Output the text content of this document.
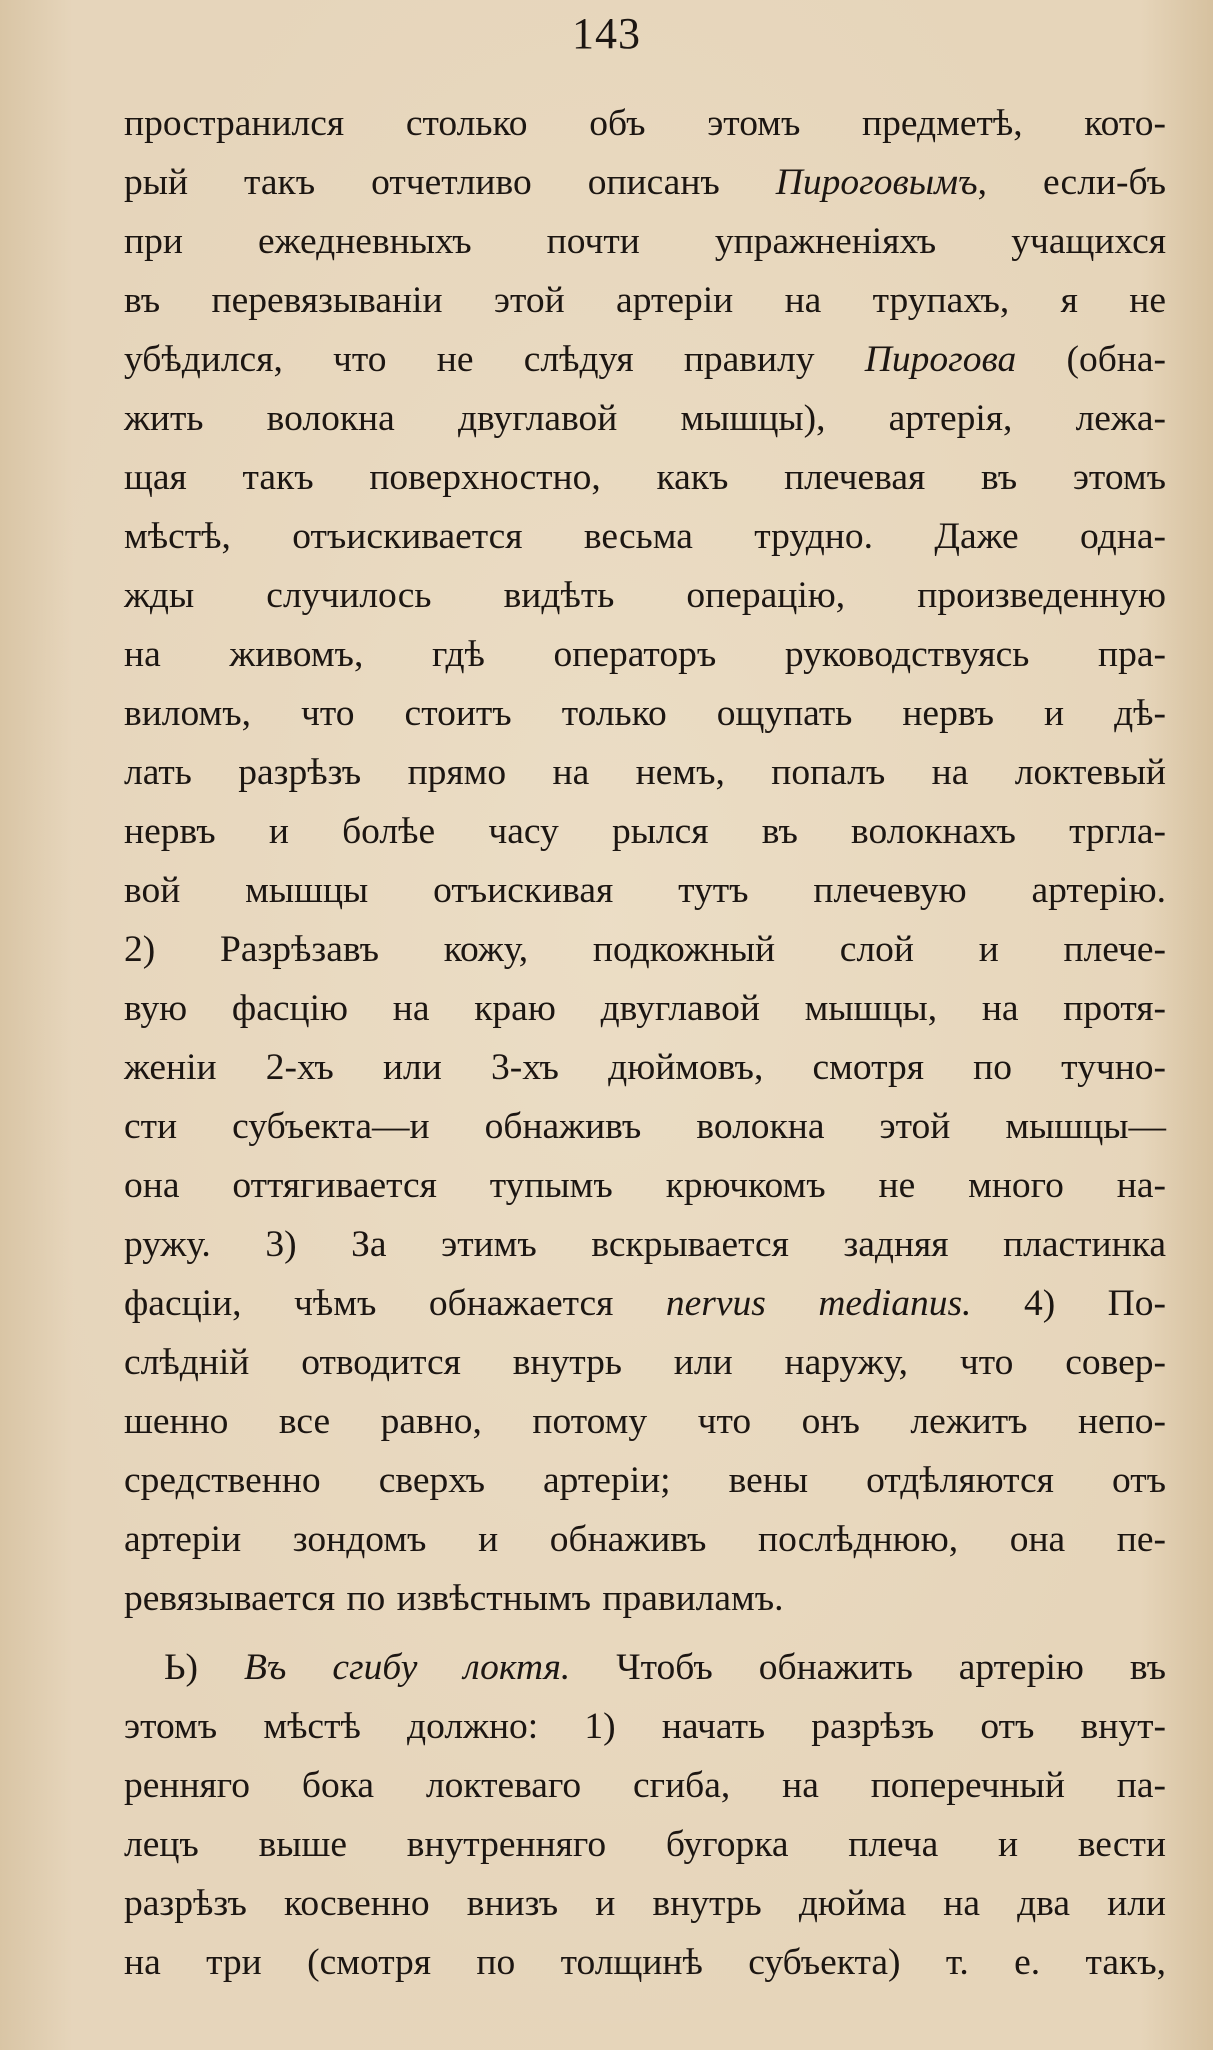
143
пространился столько объ этомъ предметѣ, кото-
рый такъ отчетливо описанъ Пироговымъ, если-бъ
при ежедневныхъ почти упражненіяхъ учащихся
въ перевязываніи этой артеріи на трупахъ, я не
убѣдился, что не слѣдуя правилу Пирогова (обна-
жить волокна двуглавой мышцы), артерія, лежа-
щая такъ поверхностно, какъ плечевая въ этомъ
мѣстѣ, отъискивается весьма трудно. Даже одна-
жды случилось видѣть операцію, произведенную
на живомъ, гдѣ операторъ руководствуясь пра-
виломъ, что стоитъ только ощупать нервъ и дѣ-
лать разрѣзъ прямо на немъ, попалъ на локтевый
нервъ и болѣе часу рылся въ волокнахъ тргла-
вой мышцы отъискивая тутъ плечевую артерію.
2) Разрѣзавъ кожу, подкожный слой и плече-
вую фасцію на краю двуглавой мышцы, на протя-
женіи 2-хъ или 3-хъ дюймовъ, смотря по тучно-
сти субъекта—и обнаживъ волокна этой мышцы—
она оттягивается тупымъ крючкомъ не много на-
ружу. 3) За этимъ вскрывается задняя пластинка
фасціи, чѣмъ обнажается nervus medianus. 4) По-
слѣдній отводится внутрь или наружу, что совер-
шенно все равно, потому что онъ лежитъ непо-
средственно сверхъ артеріи; вены отдѣляются отъ
артеріи зондомъ и обнаживъ послѣднюю, она пе-
ревязывается по извѣстнымъ правиламъ.
Ь) Въ сгибу локтя. Чтобъ обнажить артерію въ
этомъ мѣстѣ должно: 1) начать разрѣзъ отъ внут-
ренняго бока локтеваго сгиба, на поперечный па-
лецъ выше внутренняго бугорка плеча и вести
разрѣзъ косвенно внизъ и внутрь дюйма на два или
на три (смотря по толщинѣ субъекта) т. е. такъ,
